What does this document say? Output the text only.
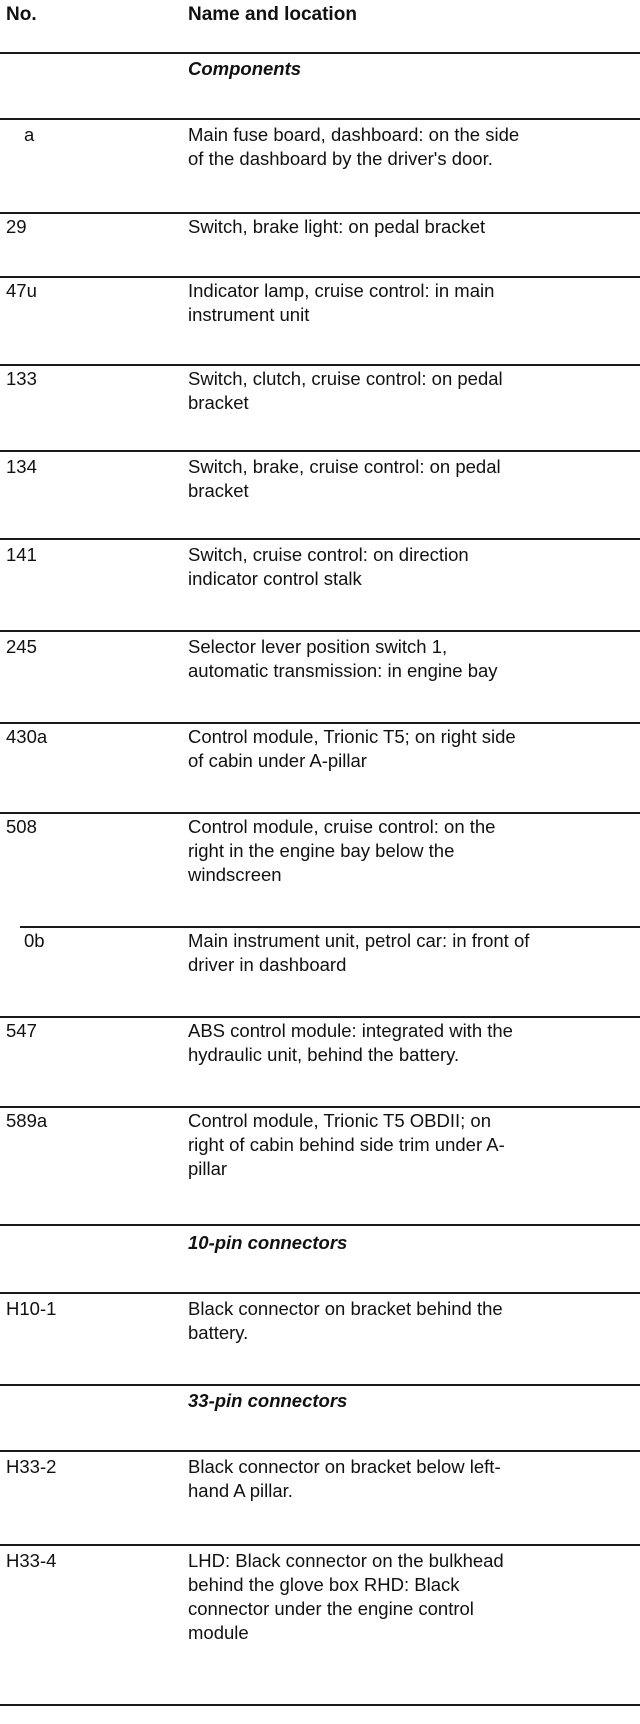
No.	Name and location
Components
a	Main fuse board, dashboard: on the side
of the dashboard by the driver's door.
29	Switch, brake light: on pedal bracket
47u	Indicator lamp, cruise control: in main
instrument unit
133	Switch, clutch, cruise control: on pedal
bracket
134	Switch, brake, cruise control: on pedal
bracket
141	Switch, cruise control: on direction
indicator control stalk
245	Selector lever position switch 1,
automatic transmission: in engine bay
430a	Control module, Trionic T5; on right side
of cabin under A-pillar
508	Control module, cruise control: on the
right in the engine bay below the
windscreen
0b	Main instrument unit, petrol car: in front of
driver in dashboard
547	ABS control module: integrated with the
hydraulic unit, behind the battery.
589a	Control module, Trionic T5 OBDII; on
right of cabin behind side trim under A-
pillar
10-pin connectors
H10-1	Black connector on bracket behind the
battery.
33-pin connectors
H33-2	Black connector on bracket below left-
hand A pillar.
H33-4	LHD: Black connector on the bulkhead
behind the glove box RHD: Black
connector under the engine control
module
